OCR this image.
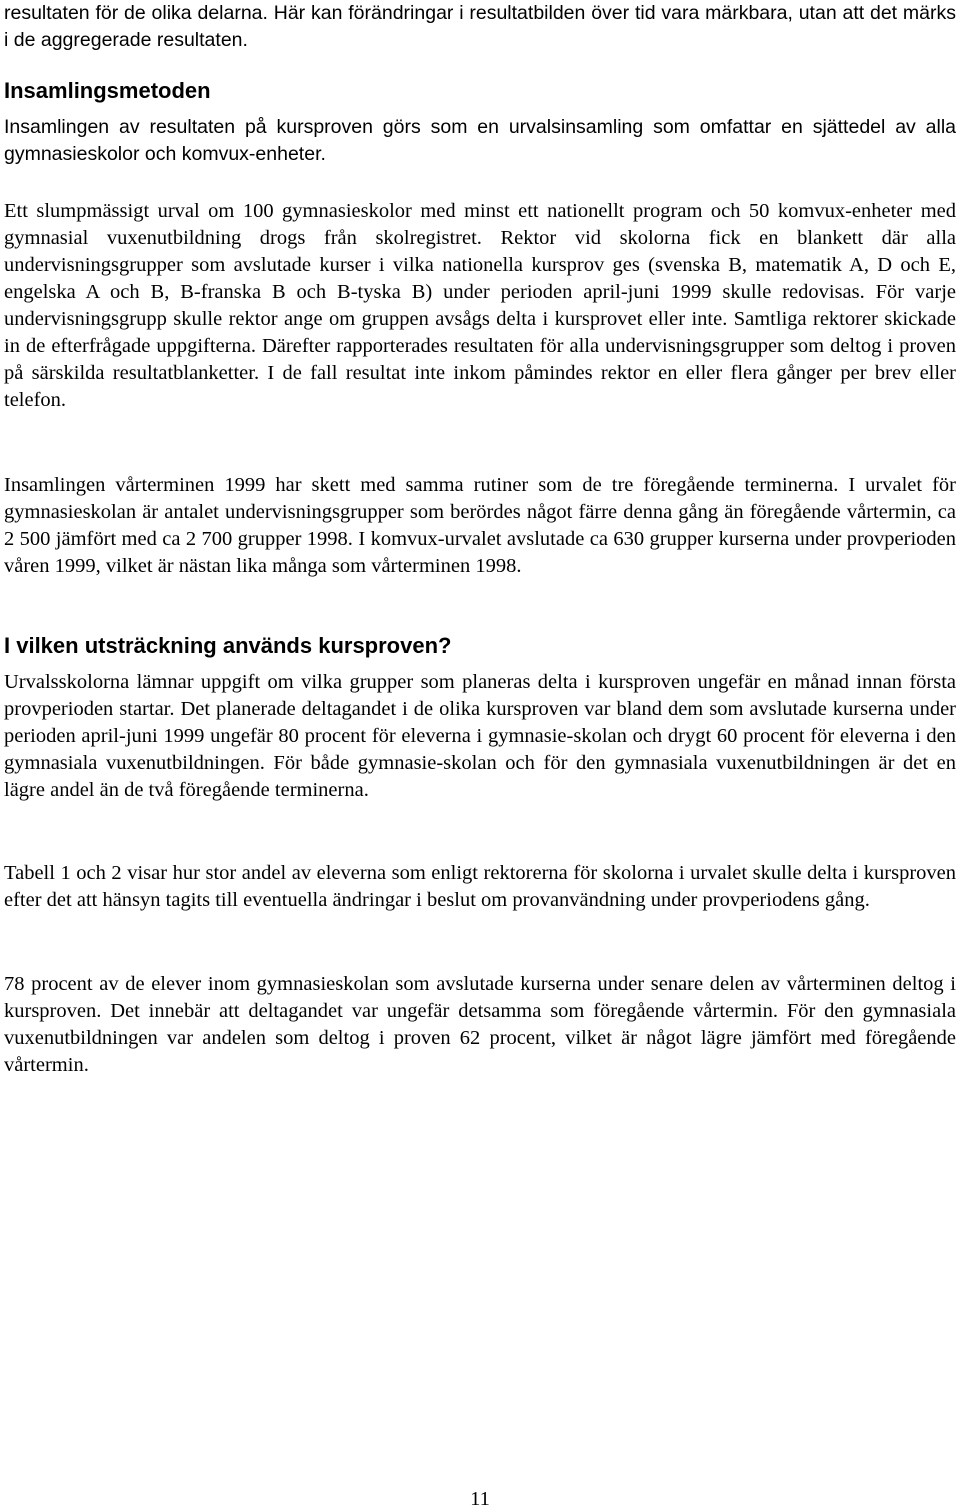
resultaten för de olika delarna. Här kan förändringar i resultatbilden över tid vara märkbara, utan att det märks i de aggregerade resultaten.

Insamlingsmetoden

Insamlingen av resultaten på kursproven görs som en urvalsinsamling som omfattar en sjättedel av alla gymnasieskolor och komvux-enheter.

Ett slumpmässigt urval om 100 gymnasieskolor med minst ett nationellt program och 50 komvux-enheter med gymnasial vuxenutbildning drogs från skolregistret. Rektor vid skolorna fick en blankett där alla undervisningsgrupper som avslutade kurser i vilka nationella kursprov ges (svenska B, matematik A, D och E, engelska A och B, B-franska B och B-tyska B) under perioden april-juni 1999 skulle redovisas. För varje undervisningsgrupp skulle rektor ange om gruppen avsågs delta i kursprovet eller inte. Samtliga rektorer skickade in de efterfrågade uppgifterna. Därefter rapporterades resultaten för alla undervisningsgrupper som deltog i proven på särskilda resultatblanketter. I de fall resultat inte inkom påmindes rektor en eller flera gånger per brev eller telefon.

Insamlingen vårterminen 1999 har skett med samma rutiner som de tre föregående terminerna. I urvalet för gymnasieskolan är antalet undervisningsgrupper som berördes något färre denna gång än föregående vårtermin, ca 2 500 jämfört med ca 2 700 grupper 1998. I komvux-urvalet avslutade ca 630 grupper kurserna under provperioden våren 1999, vilket är nästan lika många som vårterminen 1998.

I vilken utsträckning används kursproven?

Urvalsskolorna lämnar uppgift om vilka grupper som planeras delta i kursproven ungefär en månad innan första provperioden startar. Det planerade deltagandet i de olika kursproven var bland dem som avslutade kurserna under perioden april-juni 1999 ungefär 80 procent för eleverna i gymnasie-skolan och drygt 60 procent för eleverna i den gymnasiala vuxenutbildningen. För både gymnasie-skolan och för den gymnasiala vuxenutbildningen är det en lägre andel än de två föregående terminerna.

Tabell 1 och 2 visar hur stor andel av eleverna som enligt rektorerna för skolorna i urvalet skulle delta i kursproven efter det att hänsyn tagits till eventuella ändringar i beslut om provanvändning under provperiodens gång.

78 procent av de elever inom gymnasieskolan som avslutade kurserna under senare delen av vårterminen deltog i kursproven. Det innebär att deltagandet var ungefär detsamma som föregående vårtermin. För den gymnasiala vuxenutbildningen var andelen som deltog i proven 62 procent, vilket är något lägre jämfört med föregående vårtermin.

11
